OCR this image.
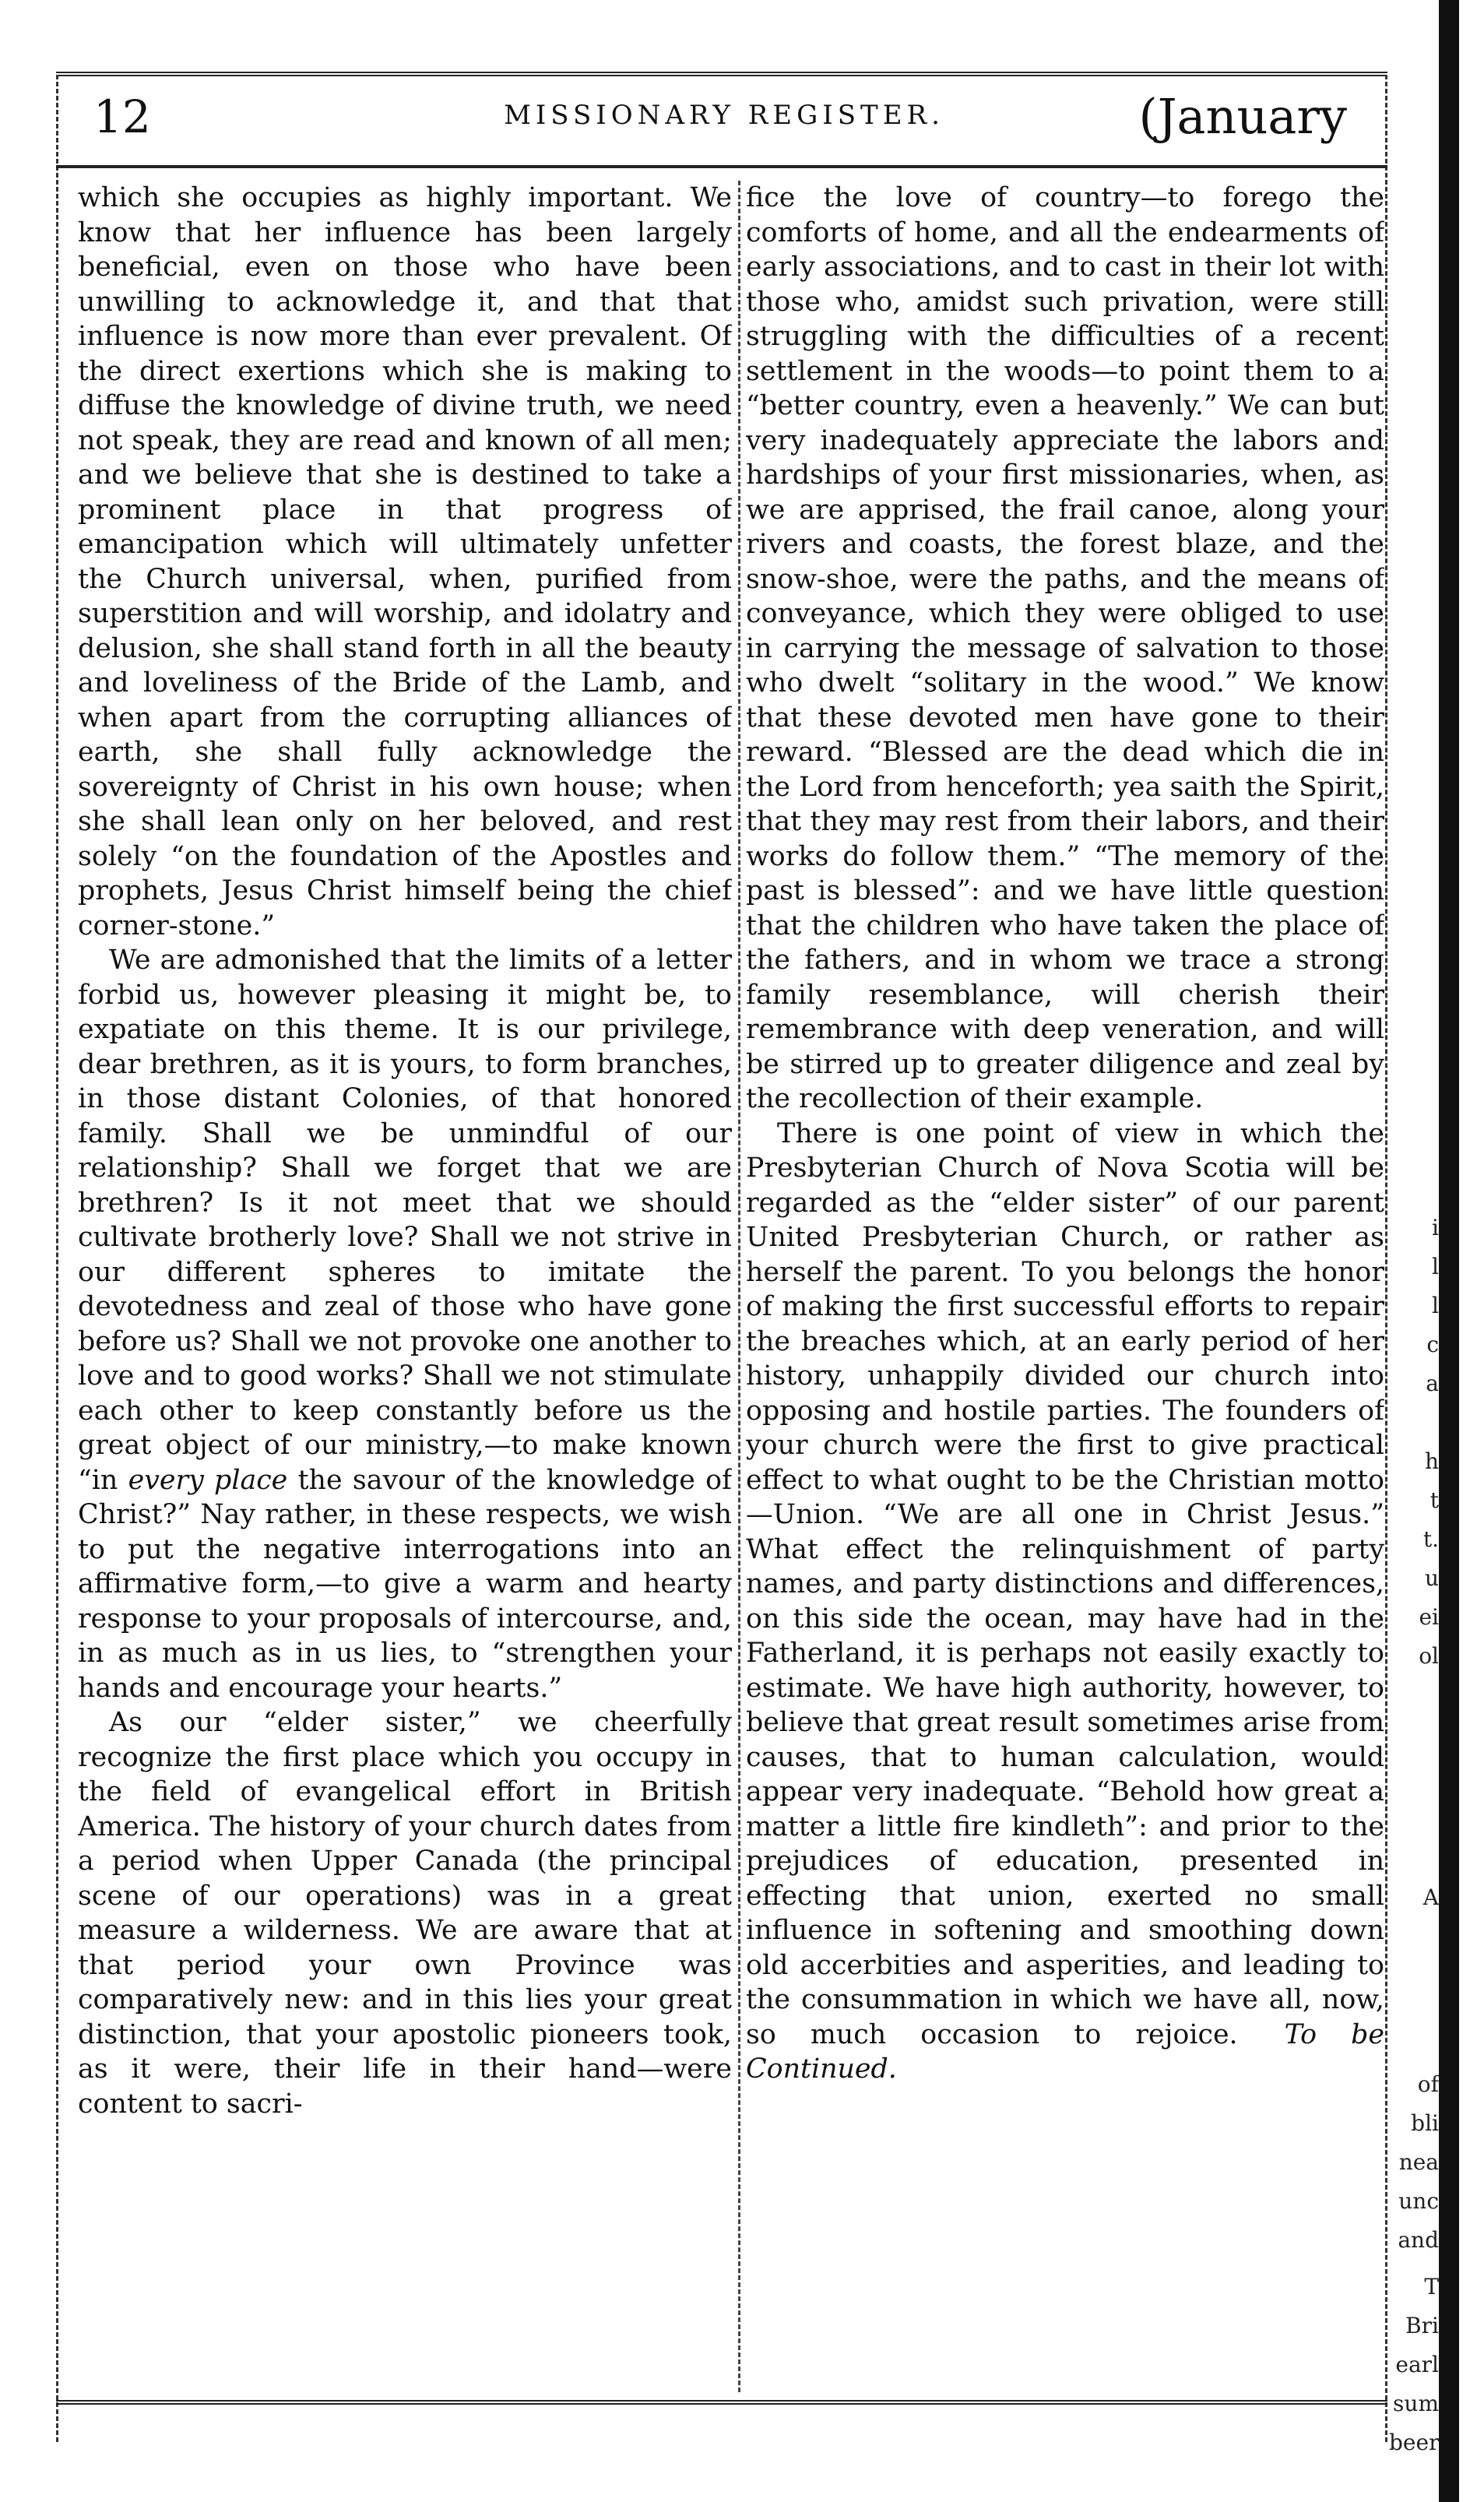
12	MISSIONARY REGISTER.	(January

which she occupies as highly important. We know that her influence has been largely beneficial, even on those who have been unwilling to acknowledge it, and that that influence is now more than ever prevalent. Of the direct exertions which she is making to diffuse the knowledge of divine truth, we need not speak, they are read and known of all men; and we believe that she is destined to take a prominent place in that progress of emancipation which will ultimately unfetter the Church universal, when, purified from superstition and will worship, and idolatry and delusion, she shall stand forth in all the beauty and loveliness of the Bride of the Lamb, and when apart from the corrupting alliances of earth, she shall fully acknowledge the sovereignty of Christ in his own house; when she shall lean only on her beloved, and rest solely “on the foundation of the Apostles and prophets, Jesus Christ himself being the chief corner-stone.”

We are admonished that the limits of a letter forbid us, however pleasing it might be, to expatiate on this theme. It is our privilege, dear brethren, as it is yours, to form branches, in those distant Colonies, of that honored family. Shall we be unmindful of our relationship? Shall we forget that we are brethren? Is it not meet that we should cultivate brotherly love? Shall we not strive in our different spheres to imitate the devotedness and zeal of those who have gone before us? Shall we not provoke one another to love and to good works? Shall we not stimulate each other to keep constantly before us the great object of our ministry,—to make known “in every place the savour of the knowledge of Christ?” Nay rather, in these respects, we wish to put the negative interrogations into an affirmative form,—to give a warm and hearty response to your proposals of intercourse, and, in as much as in us lies, to “strengthen your hands and encourage your hearts.”

As our “elder sister,” we cheerfully recognize the first place which you occupy in the field of evangelical effort in British America. The history of your church dates from a period when Upper Canada (the principal scene of our operations) was in a great measure a wilderness. We are aware that at that period your own Province was comparatively new: and in this lies your great distinction, that your apostolic pioneers took, as it were, their life in their hand—were content to sacri-

fice the love of country—to forego the comforts of home, and all the endearments of early associations, and to cast in their lot with those who, amidst such privation, were still struggling with the difficulties of a recent settlement in the woods—to point them to a “better country, even a heavenly.” We can but very inadequately appreciate the labors and hardships of your first missionaries, when, as we are apprised, the frail canoe, along your rivers and coasts, the forest blaze, and the snow-shoe, were the paths, and the means of conveyance, which they were obliged to use in carrying the message of salvation to those who dwelt “solitary in the wood.” We know that these devoted men have gone to their reward. “Blessed are the dead which die in the Lord from henceforth; yea saith the Spirit, that they may rest from their labors, and their works do follow them.” “The memory of the past is blessed”: and we have little question that the children who have taken the place of the fathers, and in whom we trace a strong family resemblance, will cherish their remembrance with deep veneration, and will be stirred up to greater diligence and zeal by the recollection of their example.

There is one point of view in which the Presbyterian Church of Nova Scotia will be regarded as the “elder sister” of our parent United Presbyterian Church, or rather as herself the parent. To you belongs the honor of making the first successful efforts to repair the breaches which, at an early period of her history, unhappily divided our church into opposing and hostile parties. The founders of your church were the first to give practical effect to what ought to be the Christian motto—Union. “We are all one in Christ Jesus.” What effect the relinquishment of party names, and party distinctions and differences, on this side the ocean, may have had in the Fatherland, it is perhaps not easily exactly to estimate. We have high authority, however, to believe that great result sometimes arise from causes, that to human calculation, would appear very inadequate. “Behold how great a matter a little fire kindleth”: and prior to the prejudices of education, presented in effecting that union, exerted no small influence in softening and smoothing down old accerbities and asperities, and leading to the consummation in which we have all, now, so much occasion to rejoice. To be Continued.

i
l
l
c
a
h
t
t.
u
ei
ol
A
of
bli
nea
unc
and
T
Bri
earl
sum
beer
